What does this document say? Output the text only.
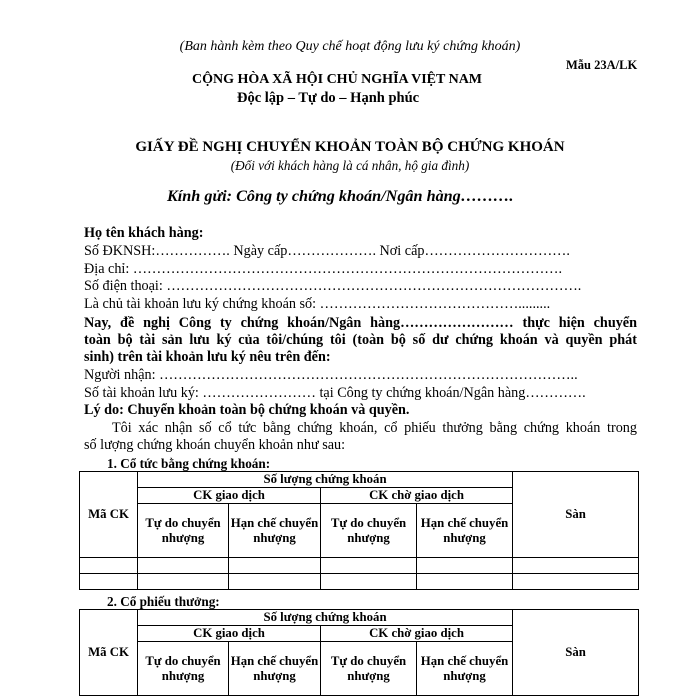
(Ban hành kèm theo Quy chế hoạt động lưu ký chứng khoán)
Mẫu 23A/LK
CỘNG HÒA XÃ HỘI CHỦ NGHĨA VIỆT NAM
Độc lập – Tự do – Hạnh phúc
GIẤY ĐỀ NGHỊ CHUYỂN KHOẢN TOÀN BỘ CHỨNG KHOÁN
(Đối với khách hàng là cá nhân, hộ gia đình)
Kính gửi: Công ty chứng khoán/Ngân hàng……….
Họ tên khách hàng:
Số ĐKNSH:……………. Ngày cấp………………. Nơi cấp………………………….
Địa chỉ: ……………………………………………………………………………….
Số điện thoại: …………………………………………………………………………….
Là chủ tài khoản lưu ký chứng khoán số: …………………………………….........
Nay, đề nghị Công ty chứng khoán/Ngân hàng…………………… thực hiện chuyển
toàn bộ tài sản lưu ký của tôi/chúng tôi (toàn bộ số dư chứng khoán và quyền phát
sinh) trên tài khoản lưu ký nêu trên đến:
Người nhận: ……………………………………………………………………………..
Số tài khoản lưu ký: …………………… tại Công ty chứng khoán/Ngân hàng………….
Lý do: Chuyển khoản toàn bộ chứng khoán và quyền.
Tôi xác nhận số cổ tức bằng chứng khoán, cổ phiếu thưởng bằng chứng khoán trong
số lượng chứng khoán chuyển khoản như sau:
1. Cổ tức bằng chứng khoán:
Mã CK	Số lượng chứng khoán				Sàn
	CK giao dịch		CK chờ giao dịch		
	Tự do chuyển nhượng	Hạn chế chuyển nhượng	Tự do chuyển nhượng	Hạn chế chuyển nhượng	

2. Cổ phiếu thưởng:
Mã CK	Số lượng chứng khoán				Sàn
	CK giao dịch		CK chờ giao dịch		
	Tự do chuyển nhượng	Hạn chế chuyển nhượng	Tự do chuyển nhượng	Hạn chế chuyển nhượng	
